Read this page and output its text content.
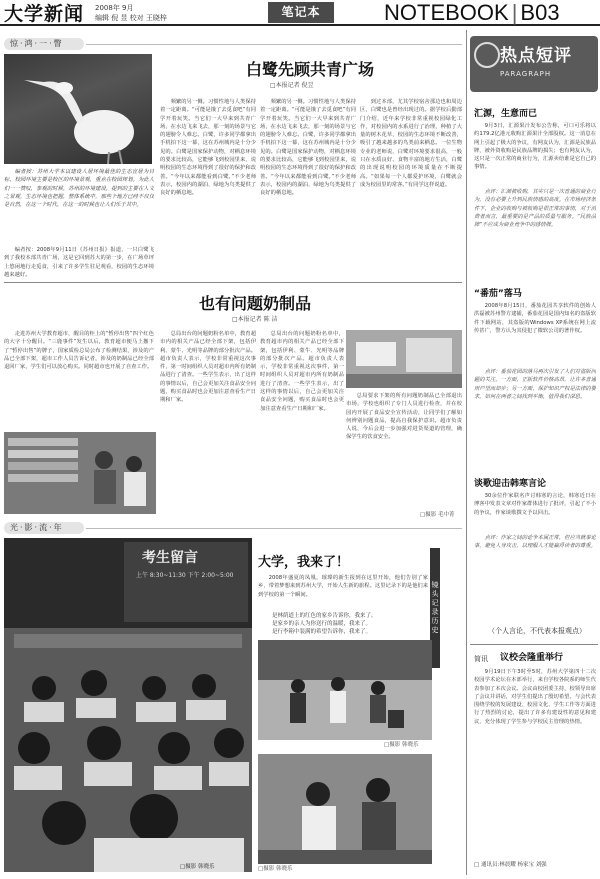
大学新闻 2008年 9月
编辑 倪 昱 校对 王晓梓	笔记本	NOTEBOOK | B03
惊·鸿·一·瞥

编者按：苏州大学本以建设人居环境最佳的生态宜居为目标，校园环境主要是校区的环境景观，重点在校园规划。为此人们一一赞叹，参观的时候，苏州的环境建设，提到的主要在人文之景观，生态环境也把握，整体系统中，那些个地方已经不仅仅是自然，在这一个时代，在这一的时候也让人们乐于其中。

编者按：2008年9月11日《苏州日报》报道，一只白鹭飞到了我校本部共青广场，这是它回到苏大的第一步，在广场草坪上悠闲地行走觅食，引来了许多学生驻足观看，校园的生态环境越来越好。

白鹭先顾共青广场
□本报记者 倪昱

频繁的另一侧。习惯性地与人类保持着一定距离。“可能是饿了去觅食吧”有同学开着玩笑。当它们一大早来到共青广场，在水边飞来飞去，那一刻的场景与它的翅膀令人难忘。白鹭，许多同学都拿出手机拍下这一幕，这在苏州城内是十分少见的。白鹭是国家保护动物，对栖息环境的要求比较高，它能够飞到校园里来，说明校园的生态环境得到了很好的保护和改善。“今年以来都能看到白鹭。”不少老师表示，校园内的湖泊、绿地为鸟类提供了良好的栖息地。

频繁的另一侧。习惯性地与人类保持着一定距离。“可能是饿了去觅食吧”有同学开着玩笑。当它们一大早来到共青广场，在水边飞来飞去，那一刻的场景与它的翅膀令人难忘。白鹭，许多同学都拿出手机拍下这一幕，这在苏州城内是十分少见的。白鹭是国家保护动物，对栖息环境的要求比较高，它能够飞到校园里来，说明校园的生态环境得到了很好的保护和改善。“今年以来都能看到白鹭。”不少老师表示，校园内的湖泊、绿地为鸟类提供了良好的栖息地。

到过本部，尤其学校宿舍那边也和周边区，白鹭也是曾经出现过的。据学校后勤部门介绍，近年来学校非常重视校园绿化工作，对校园内的水系进行了治理，种植了大量的树木花草，校园的生态环境不断改善，吸引了越来越多的鸟类前来栖息。一位生物专业的老师说，白鹭对环境要求很高，一般只在水质良好、食物丰富的地方生活，白鹭的出现说明校园的环境质量在不断提高。“如果每一个人都爱护环境，白鹭就会成为校园里的常客。”有同学这样说道。

也有问题奶制品
□本报记者 陈 洁

走进苏州大学教育超市，醒目的柜上的“暂停出售”四个红色的大字十分醒目。“三鹿事件”发生以后，教育超市便马上撤下了“暂停出售”的牌子，国家质检总局公布了检测结果，涉及的产品已全部下架，超市工作人员告诉记者，涉及的奶制品已经全部退回厂家，学生们可以放心购买。同时超市也开展了自查工作。

总局出台的问题奶粉名单中，教育超市内的相关产品已经全部下架，包括伊利、蒙牛、光明等品牌的部分批次产品。超市负责人表示，学校非常重视这次事件，第一时间组织人员对超市内所有奶制品进行了清查。一些学生表示，出了这样的事情以后，自己会更加关注食品安全问题，购买食品时也会更加注意查看生产日期和厂家。

总局出台的问题奶粉名单中，教育超市内的相关产品已经全部下架，包括伊利、蒙牛、光明等品牌的部分批次产品。超市负责人表示，学校非常重视这次事件，第一时间组织人员对超市内所有奶制品进行了清查。一些学生表示，出了这样的事情以后，自己会更加关注食品安全问题，购买食品时也会更加注意查看生产日期和厂家。

总局要求下架的所有问题奶制品已全部退出市场，学校也组织了专门人员进行检查，并在校园内开展了食品安全宣传活动，让同学们了解如何辨别问题食品，提高自我保护意识。超市负责人说，今后会进一步加强对进货渠道的管理，确保学生的饮食安全。

□摄影 毛中菁
光·影·流·年
考生留言
上午 8:30~11:30 下午 2:00~5:00
□摄影 韩晓乐
大学，我来了！

2008年盛夏的凤凰，璀璨的新生报到在这里开始，他们告别了家乡，带着梦想来到苏州大学，开始人生新的旅程。这里记录下的是他们来到学校的第一个瞬间。

是林荫道上的红色的家乡告诉你，我来了。
是家乡的亲人为你送行的温暖，我来了。
是行李箱中装满的希望告诉你，我来了。	镜头记录历史
□摄影 韩晓乐
□摄影 韩晓乐
热点短评
PARAGRAPH
汇源，生意而已

9月3日，汇源果汁发布公告称，可口可乐将以约179.2亿港元收购汇源果汁全部股权。这一消息在网上引起了极大的争议，有网友认为，汇源是民族品牌，被外资收购是民族品牌的损失；也有网友认为，这只是一次正常的商业行为，汇源卖给谁是它自己的事情。

点评：汇源被收购，其实只是一次普通的商业行为，没有必要上升到民族情感的高度。在市场经济条件下，企业的收购与被收购是很正常的事情，对于消费者而言，最重要的是产品的质量与服务。“民族品牌”不应成为商业竞争中的感情牌。

“番茄”落马

2008年8月15日，番茄花园共享软件的创始人洪磊被苏州警方逮捕，番茄花园是国内知名的盗版软件下载网站，其盗版的Windows XP系统在网上流传甚广，警方认为其侵犯了微软公司的著作权。

点评：番茄花园的落马再次引发了人们对盗版问题的关注。一方面，正版软件价格高昂，让许多普通用户望而却步；另一方面，保护知识产权是法律的要求。如何在两者之间找到平衡，值得我们深思。

谈歌迎击韩寒言论

30余位作家联名声讨韩寒的言论，韩寒近日在博客中发表文章对作家群体进行了批评，引起了不小的争议，作家谈歌撰文予以回击。

点评：作家之间的论争本属正常，但应当就事论事，避免人身攻击，以理服人才能赢得读者的尊重。

（个人言论，不代表本报观点）
简讯 议校会隆重举行

9月19日下午3时至5时，苏州大学第四十二次校园学术论坛在本部举行，来自学校各院系的师生代表参加了本次会议。会议由校团委主持，校领导出席了会议并讲话，对学生们提出了殷切希望。与会代表围绕学校的发展建设、校园文化、学生工作等方面进行了热烈的讨论，提出了许多有建设性的意见和建议，充分体现了学生参与学校民主管理的热情。

□ 通讯员:林晨耀 杨家宝 刘强
